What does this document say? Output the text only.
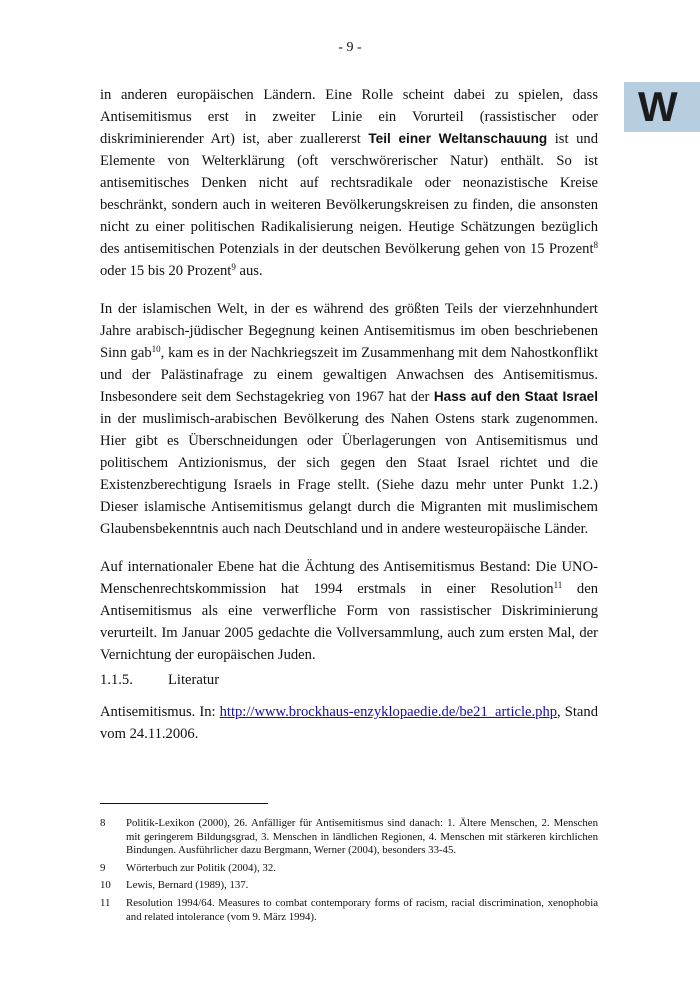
- 9 -
W

in anderen europäischen Ländern. Eine Rolle scheint dabei zu spielen, dass Antisemitismus erst in zweiter Linie ein Vorurteil (rassistischer oder diskriminierender Art) ist, aber zuallererst Teil einer Weltanschauung ist und Elemente von Welterklärung (oft verschwörerischer Natur) enthält. So ist antisemitisches Denken nicht auf rechtsradikale oder neonazistische Kreise beschränkt, sondern auch in weiteren Bevölkerungskreisen zu finden, die ansonsten nicht zu einer politischen Radikalisierung neigen. Heutige Schätzungen bezüglich des antisemitischen Potenzials in der deutschen Bevölkerung gehen von 15 Prozent$^8$ oder 15 bis 20 Prozent$^9$ aus.

In der islamischen Welt, in der es während des größten Teils der vierzehnhundert Jahre arabisch-jüdischer Begegnung keinen Antisemitismus im oben beschriebenen Sinn gab$^{10}$, kam es in der Nachkriegszeit im Zusammenhang mit dem Nahostkonflikt und der Palästinafrage zu einem gewaltigen Anwachsen des Antisemitismus. Insbesondere seit dem Sechstagekrieg von 1967 hat der Hass auf den Staat Israel in der muslimisch-arabischen Bevölkerung des Nahen Ostens stark zugenommen. Hier gibt es Überschneidungen oder Überlagerungen von Antisemitismus und politischem Antizionismus, der sich gegen den Staat Israel richtet und die Existenzberechtigung Israels in Frage stellt. (Siehe dazu mehr unter Punkt 1.2.) Dieser islamische Antisemitismus gelangt durch die Migranten mit muslimischem Glaubensbekenntnis auch nach Deutschland und in andere westeuropäische Länder.

Auf internationaler Ebene hat die Ächtung des Antisemitismus Bestand: Die UNO-Menschenrechtskommission hat 1994 erstmals in einer Resolution$^{11}$ den Antisemitismus als eine verwerfliche Form von rassistischer Diskriminierung verurteilt. Im Januar 2005 gedachte die Vollversammlung, auch zum ersten Mal, der Vernichtung der europäischen Juden.

1.1.5. Literatur
Antisemitismus. In: http://www.brockhaus-enzyklopaedie.de/be21_article.php, Stand vom 24.11.2006.
8	Politik-Lexikon (2000), 26. Anfälliger für Antisemitismus sind danach: 1. Ältere Menschen, 2. Menschen mit geringerem Bildungsgrad, 3. Menschen in ländlichen Regionen, 4. Menschen mit stärkeren kirchlichen Bindungen. Ausführlicher dazu Bergmann, Werner (2004), besonders 33-45.
9	Wörterbuch zur Politik (2004), 32.
10	Lewis, Bernard (1989), 137.
11	Resolution 1994/64. Measures to combat contemporary forms of racism, racial discrimination, xenophobia and related intolerance (vom 9. März 1994).
